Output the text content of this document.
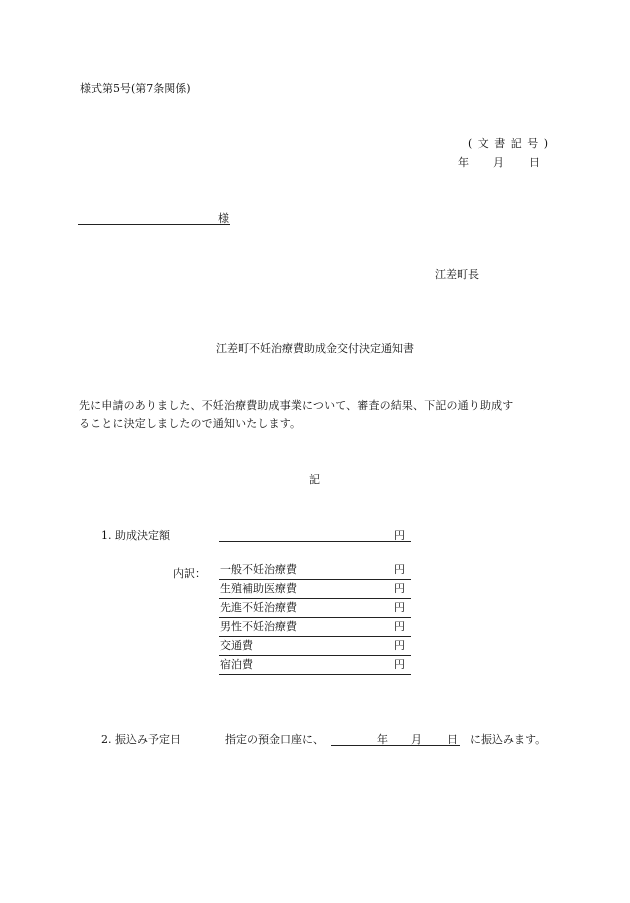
様式第5号(第7条関係)
( 文 書 記 号 )
年 月 日
様
江差町長
江差町不妊治療費助成金交付決定通知書
先に申請のありました、不妊治療費助成事業について、審査の結果、下記の通り助成す
ることに決定しましたので通知いたします。
記
1. 助成決定額	円
内訳： 一般不妊治療費	円
生殖補助医療費	円
先進不妊治療費	円
男性不妊治療費	円
交通費	円
宿泊費	円
2. 振込み予定日	指定の預金口座に、	年 月 日 に振込みます。
